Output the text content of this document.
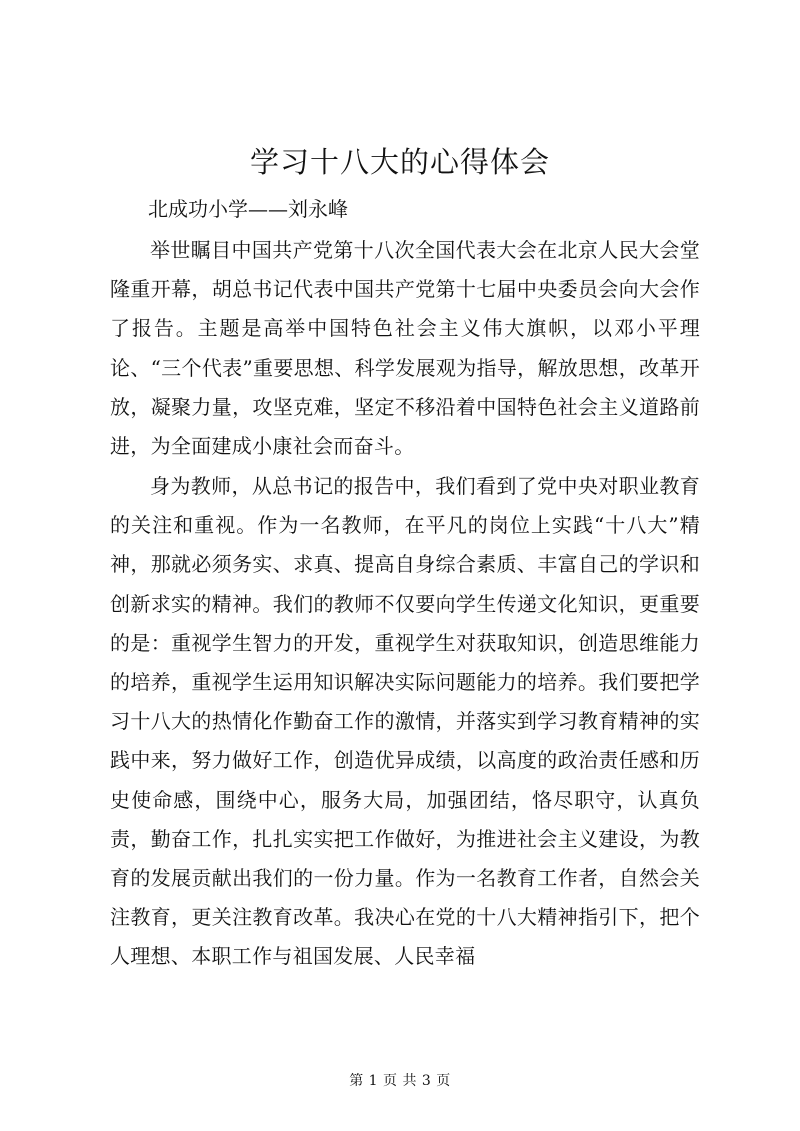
学习十八大的心得体会

北成功小学——刘永峰

举世瞩目中国共产党第十八次全国代表大会在北京人民大会堂隆重开幕，胡总书记代表中国共产党第十七届中央委员会向大会作了报告。主题是高举中国特色社会主义伟大旗帜，以邓小平理论、“三个代表”重要思想、科学发展观为指导，解放思想，改革开放，凝聚力量，攻坚克难，坚定不移沿着中国特色社会主义道路前进，为全面建成小康社会而奋斗。

身为教师，从总书记的报告中，我们看到了党中央对职业教育的关注和重视。作为一名教师，在平凡的岗位上实践“十八大”精神，那就必须务实、求真、提高自身综合素质、丰富自己的学识和创新求实的精神。我们的教师不仅要向学生传递文化知识，更重要的是：重视学生智力的开发，重视学生对获取知识，创造思维能力的培养，重视学生运用知识解决实际问题能力的培养。我们要把学习十八大的热情化作勤奋工作的激情，并落实到学习教育精神的实践中来，努力做好工作，创造优异成绩，以高度的政治责任感和历史使命感，围绕中心，服务大局，加强团结，恪尽职守，认真负责，勤奋工作，扎扎实实把工作做好，为推进社会主义建设，为教育的发展贡献出我们的一份力量。作为一名教育工作者，自然会关注教育，更关注教育改革。我决心在党的十八大精神指引下，把个人理想、本职工作与祖国发展、人民幸福

第 1 页 共 3 页
